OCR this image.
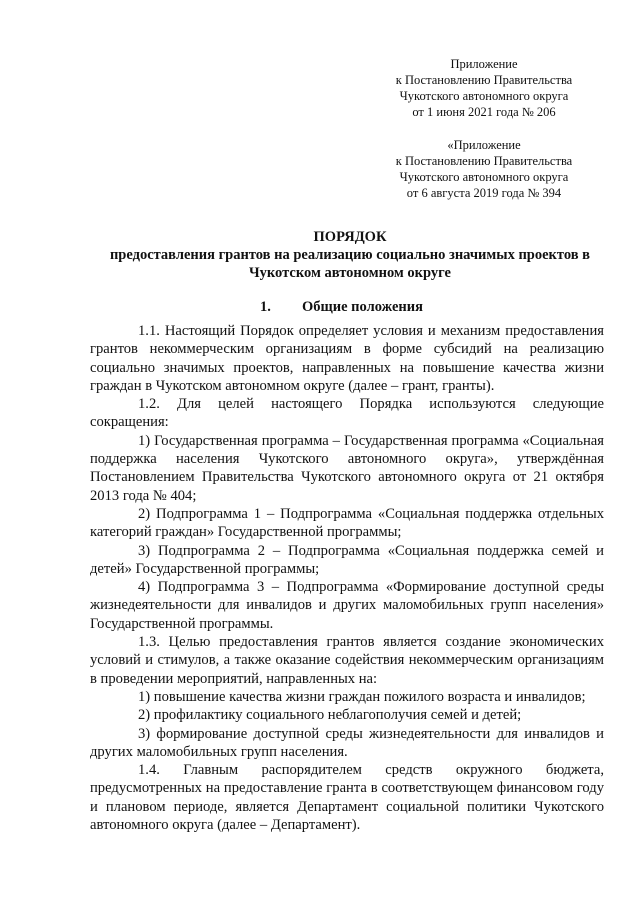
Приложение
к Постановлению Правительства
Чукотского автономного округа
от 1 июня 2021 года № 206
«Приложение
к Постановлению Правительства
Чукотского автономного округа
от 6 августа 2019 года № 394
ПОРЯДОК
предоставления грантов на реализацию социально значимых проектов в Чукотском автономном округе
1. Общие положения

1.1. Настоящий Порядок определяет условия и механизм предоставления грантов некоммерческим организациям в форме субсидий на реализацию социально значимых проектов, направленных на повышение качества жизни граждан в Чукотском автономном округе (далее – грант, гранты).

1.2. Для целей настоящего Порядка используются следующие сокращения:

1) Государственная программа – Государственная программа «Социальная поддержка населения Чукотского автономного округа», утверждённая Постановлением Правительства Чукотского автономного округа от 21 октября 2013 года № 404;

2) Подпрограмма 1 – Подпрограмма «Социальная поддержка отдельных категорий граждан» Государственной программы;

3) Подпрограмма 2 – Подпрограмма «Социальная поддержка семей и детей» Государственной программы;

4) Подпрограмма 3 – Подпрограмма «Формирование доступной среды жизнедеятельности для инвалидов и других маломобильных групп населения» Государственной программы.

1.3. Целью предоставления грантов является создание экономических условий и стимулов, а также оказание содействия некоммерческим организациям в проведении мероприятий, направленных на:

1) повышение качества жизни граждан пожилого возраста и инвалидов;

2) профилактику социального неблагополучия семей и детей;

3) формирование доступной среды жизнедеятельности для инвалидов и других маломобильных групп населения.

1.4. Главным распорядителем средств окружного бюджета, предусмотренных на предоставление гранта в соответствующем финансовом году и плановом периоде, является Департамент социальной политики Чукотского автономного округа (далее – Департамент).
